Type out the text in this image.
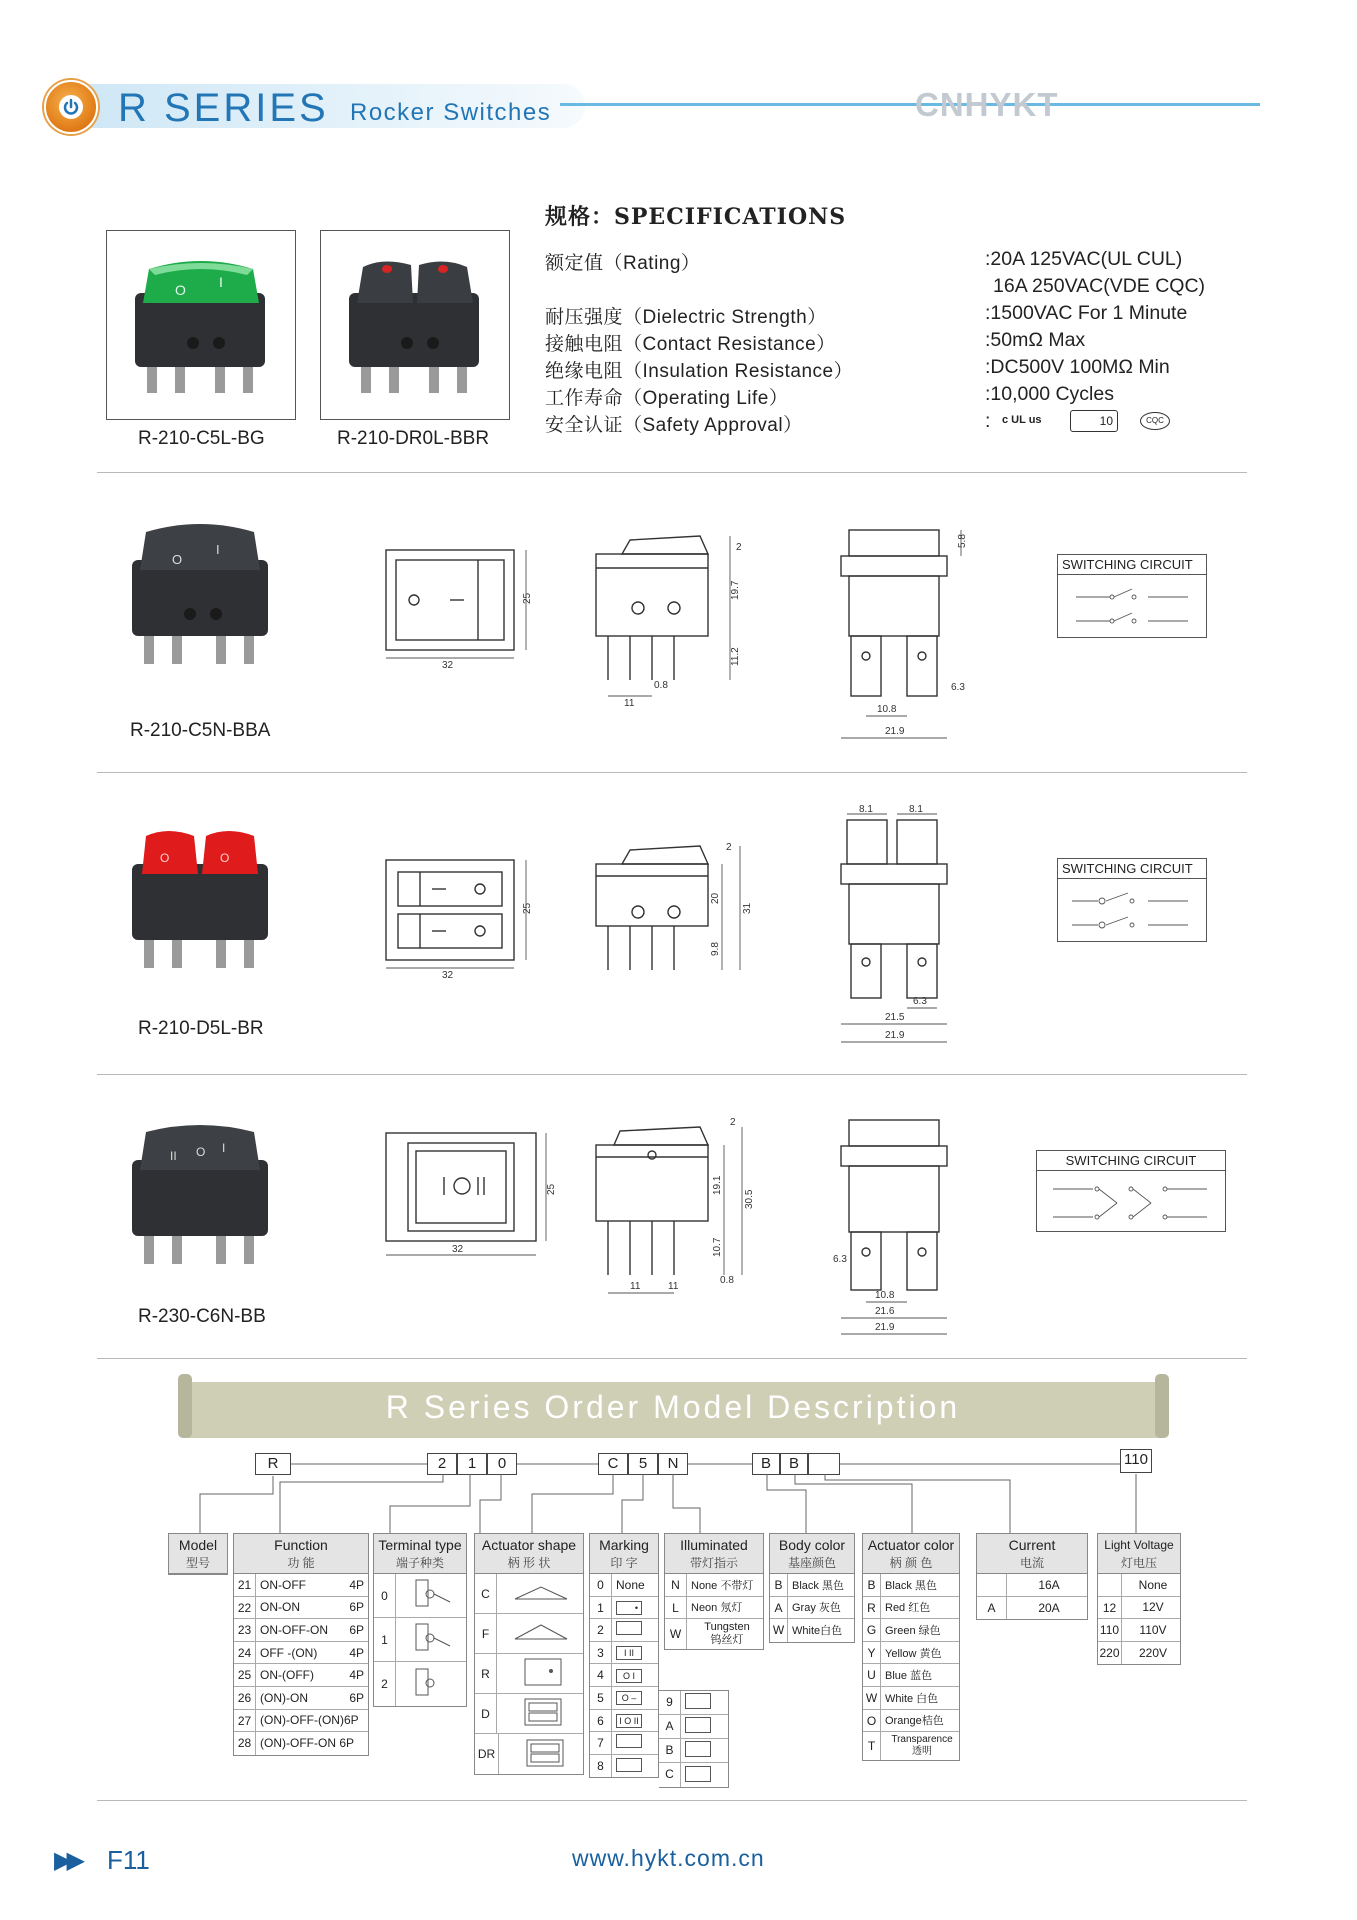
R SERIES Rocker Switches	CNHYKT
O I
R-210-C5L-BG	R-210-DR0L-BBR
规格：SPECIFICATIONS
额定值（Rating）	:20A 125VAC(UL CUL)
16A 250VAC(VDE CQC)
耐压强度（Dielectric Strength）	:1500VAC For 1 Minute
接触电阻（Contact Resistance）	:50mΩ Max
绝缘电阻（Insulation Resistance）	:DC500V 100MΩ Min
工作寿命（Operating Life）	:10,000 Cycles
安全认证（Safety Approval）	: c UL us	10	CQC
O
I
R-210-C5N-BBA
32
25
2
19.7
11.2
0.8
11
5.8
10.8
21.9
6.3
SWITCHING CIRCUIT
O	O
R-210-D5L-BR
32
25
2
20
31
9.8
8.1	8.1
6.3
21.5
21.9
SWITCHING CIRCUIT
II O I
R-230-C6N-BB
32
25
2
19.1
30.5
10.7
0.8
11	11
6.3
10.8
21.6
21.9
SWITCHING CIRCUIT
R Series Order Model Description
R	2	1	0	C	5	N	B	B	110
Model
型号
Function
功 能
21 ON-OFF	4P
22 ON-ON	6P
23 ON-OFF-ON	6P
24 OFF -(ON)	4P
25 ON-(OFF)	4P
26 (ON)-ON	6P
27 (ON)-OFF-(ON)6P
28 (ON)-OFF-ON 6P
Terminal type
端子种类
0
1
2
Actuator shape
柄 形 状
C
F
R
D
DR
Marking
印 字
0	None
1	•
2
3	I II
4	O I
5	O –
6	I O II
7
8
9
A
B
C
Illuminated
带灯指示
N	None 不带灯
L	Neon 氖灯
W	Tungsten
钨丝灯
Body color
基座颜色
B Black 黑色
A Gray 灰色
W White白色
Actuator color
柄 颜 色
B Black 黑色
R Red 红色
G Green 绿色
Y Yellow 黄色
U Blue 蓝色
W White 白色
O Orange桔色
T	Transparence
透明
Current
电流
16A
A	20A
Light Voltage
灯电压
None
12	12V
110	110V
220	220V
▶▶ F11	www.hykt.com.cn
